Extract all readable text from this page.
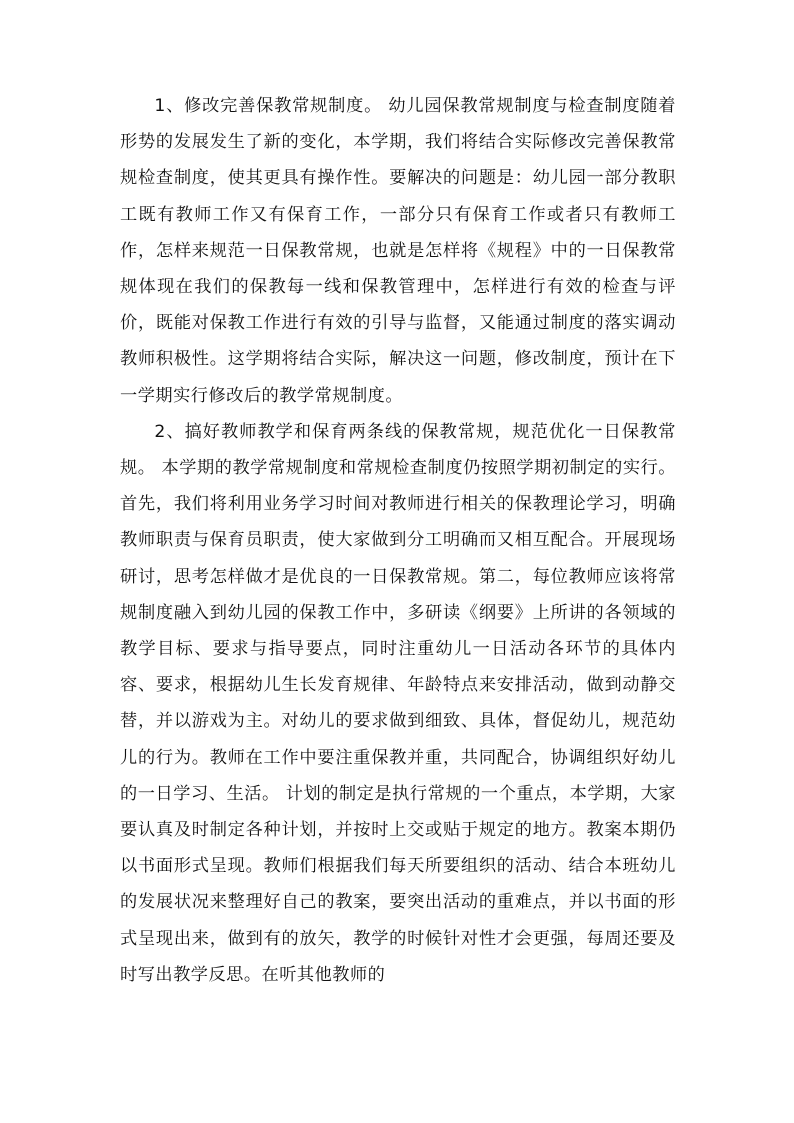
1、修改完善保教常规制度。 幼儿园保教常规制度与检查制度随着形势的发展发生了新的变化，本学期，我们将结合实际修改完善保教常规检查制度，使其更具有操作性。要解决的问题是：幼儿园一部分教职工既有教师工作又有保育工作，一部分只有保育工作或者只有教师工作，怎样来规范一日保教常规，也就是怎样将《规程》中的一日保教常规体现在我们的保教每一线和保教管理中，怎样进行有效的检查与评价，既能对保教工作进行有效的引导与监督，又能通过制度的落实调动教师积极性。这学期将结合实际，解决这一问题，修改制度，预计在下一学期实行修改后的教学常规制度。

2、搞好教师教学和保育两条线的保教常规，规范优化一日保教常规。 本学期的教学常规制度和常规检查制度仍按照学期初制定的实行。首先，我们将利用业务学习时间对教师进行相关的保教理论学习，明确教师职责与保育员职责，使大家做到分工明确而又相互配合。开展现场研讨，思考怎样做才是优良的一日保教常规。第二，每位教师应该将常规制度融入到幼儿园的保教工作中，多研读《纲要》上所讲的各领域的教学目标、要求与指导要点，同时注重幼儿一日活动各环节的具体内容、要求，根据幼儿生长发育规律、年龄特点来安排活动，做到动静交替，并以游戏为主。对幼儿的要求做到细致、具体，督促幼儿，规范幼儿的行为。教师在工作中要注重保教并重，共同配合，协调组织好幼儿的一日学习、生活。 计划的制定是执行常规的一个重点，本学期，大家要认真及时制定各种计划，并按时上交或贴于规定的地方。教案本期仍以书面形式呈现。教师们根据我们每天所要组织的活动、结合本班幼儿的发展状况来整理好自己的教案，要突出活动的重难点，并以书面的形式呈现出来，做到有的放矢，教学的时候针对性才会更强，每周还要及时写出教学反思。在听其他教师的
